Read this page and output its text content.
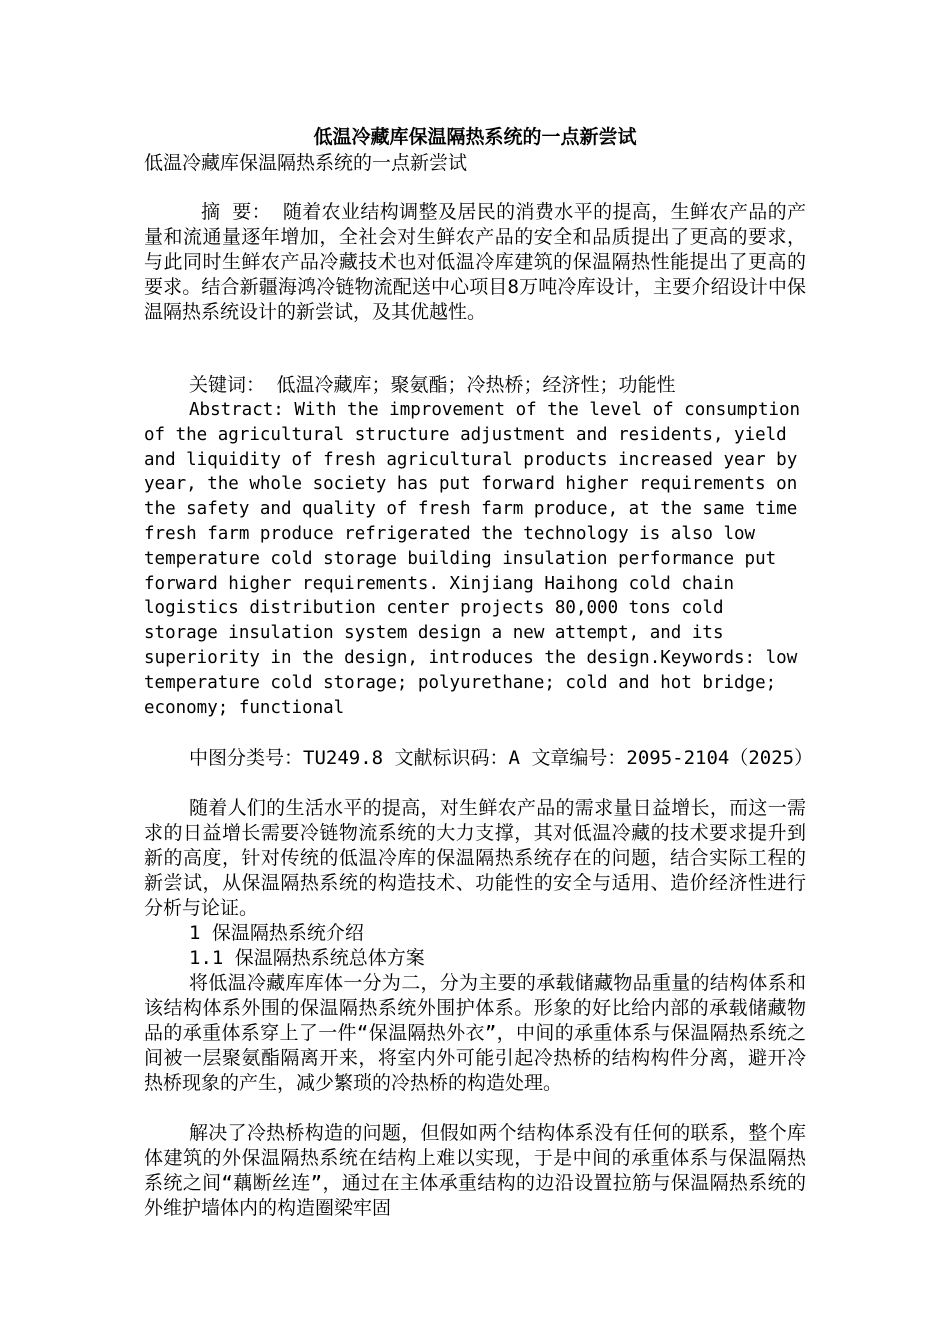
低温冷藏库保温隔热系统的一点新尝试
低温冷藏库保温隔热系统的一点新尝试
摘 要： 随着农业结构调整及居民的消费水平的提高，生鲜农产品的产量和流通量逐年增加，全社会对生鲜农产品的安全和品质提出了更高的要求，与此同时生鲜农产品冷藏技术也对低温冷库建筑的保温隔热性能提出了更高的要求。结合新疆海鸿冷链物流配送中心项目8万吨冷库设计，主要介绍设计中保温隔热系统设计的新尝试，及其优越性。
关键词： 低温冷藏库；聚氨酯；冷热桥；经济性；功能性
Abstract: With the improvement of the level of consumption of the agricultural structure adjustment and residents, yield and liquidity of fresh agricultural products increased year by year, the whole society has put forward higher requirements on the safety and quality of fresh farm produce, at the same time fresh farm produce refrigerated the technology is also low temperature cold storage building insulation performance put forward higher requirements. Xinjiang Haihong cold chain logistics distribution center projects 80,000 tons cold storage insulation system design a new attempt, and its superiority in the design, introduces the design.Keywords: low temperature cold storage; polyurethane; cold and hot bridge; economy; functional
中图分类号：TU249.8 文献标识码：A 文章编号：2095-2104（2025）
随着人们的生活水平的提高，对生鲜农产品的需求量日益增长，而这一需求的日益增长需要冷链物流系统的大力支撑，其对低温冷藏的技术要求提升到新的高度，针对传统的低温冷库的保温隔热系统存在的问题，结合实际工程的新尝试，从保温隔热系统的构造技术、功能性的安全与适用、造价经济性进行分析与论证。
1 保温隔热系统介绍
1.1 保温隔热系统总体方案
将低温冷藏库库体一分为二，分为主要的承载储藏物品重量的结构体系和该结构体系外围的保温隔热系统外围护体系。形象的好比给内部的承载储藏物品的承重体系穿上了一件“保温隔热外衣”，中间的承重体系与保温隔热系统之间被一层聚氨酯隔离开来，将室内外可能引起冷热桥的结构构件分离，避开冷热桥现象的产生，减少繁琐的冷热桥的构造处理。
解决了冷热桥构造的问题，但假如两个结构体系没有任何的联系，整个库体建筑的外保温隔热系统在结构上难以实现，于是中间的承重体系与保温隔热系统之间“藕断丝连”，通过在主体承重结构的边沿设置拉筋与保温隔热系统的外维护墙体内的构造圈梁牢固
